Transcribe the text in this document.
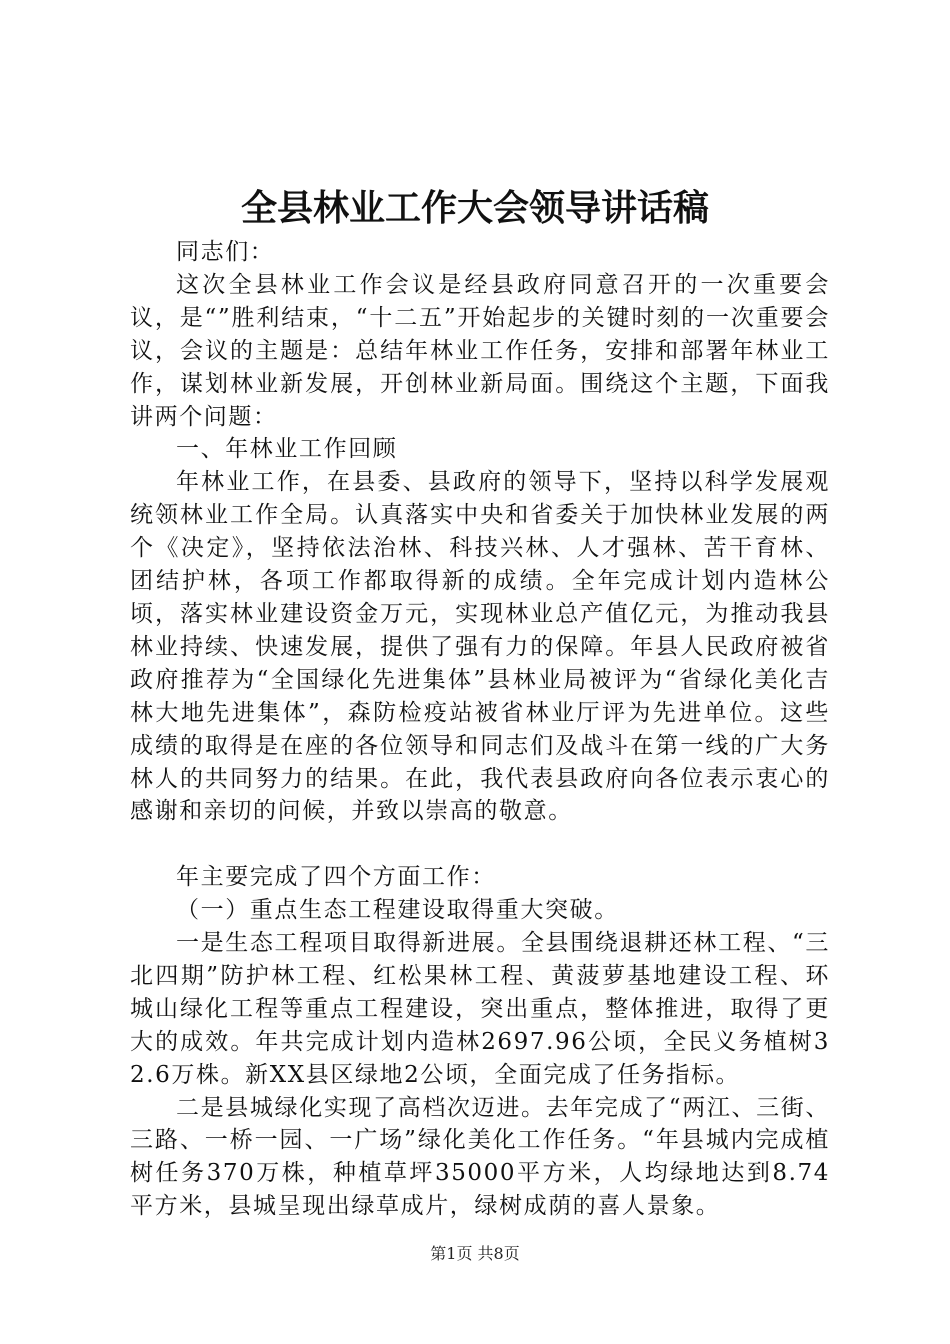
全县林业工作大会领导讲话稿

同志们：

这次全县林业工作会议是经县政府同意召开的一次重要会议，是“”胜利结束，“十二五”开始起步的关键时刻的一次重要会议，会议的主题是：总结年林业工作任务，安排和部署年林业工作，谋划林业新发展，开创林业新局面。围绕这个主题，下面我讲两个问题：

一、年林业工作回顾

年林业工作，在县委、县政府的领导下，坚持以科学发展观统领林业工作全局。认真落实中央和省委关于加快林业发展的两个《决定》，坚持依法治林、科技兴林、人才强林、苦干育林、团结护林，各项工作都取得新的成绩。全年完成计划内造林公顷，落实林业建设资金万元，实现林业总产值亿元，为推动我县林业持续、快速发展，提供了强有力的保障。年县人民政府被省政府推荐为“全国绿化先进集体”县林业局被评为“省绿化美化吉林大地先进集体”，森防检疫站被省林业厅评为先进单位。这些成绩的取得是在座的各位领导和同志们及战斗在第一线的广大务林人的共同努力的结果。在此，我代表县政府向各位表示衷心的感谢和亲切的问候，并致以崇高的敬意。

年主要完成了四个方面工作：

（一）重点生态工程建设取得重大突破。

一是生态工程项目取得新进展。全县围绕退耕还林工程、“三北四期”防护林工程、红松果林工程、黄菠萝基地建设工程、环城山绿化工程等重点工程建设，突出重点，整体推进，取得了更大的成效。年共完成计划内造林2697.96公顷，全民义务植树32.6万株。新XX县区绿地2公顷，全面完成了任务指标。

二是县城绿化实现了高档次迈进。去年完成了“两江、三街、三路、一桥一园、一广场”绿化美化工作任务。“年县城内完成植树任务370万株，种植草坪35000平方米，人均绿地达到8.74平方米，县城呈现出绿草成片，绿树成荫的喜人景象。

第1页 共8页
